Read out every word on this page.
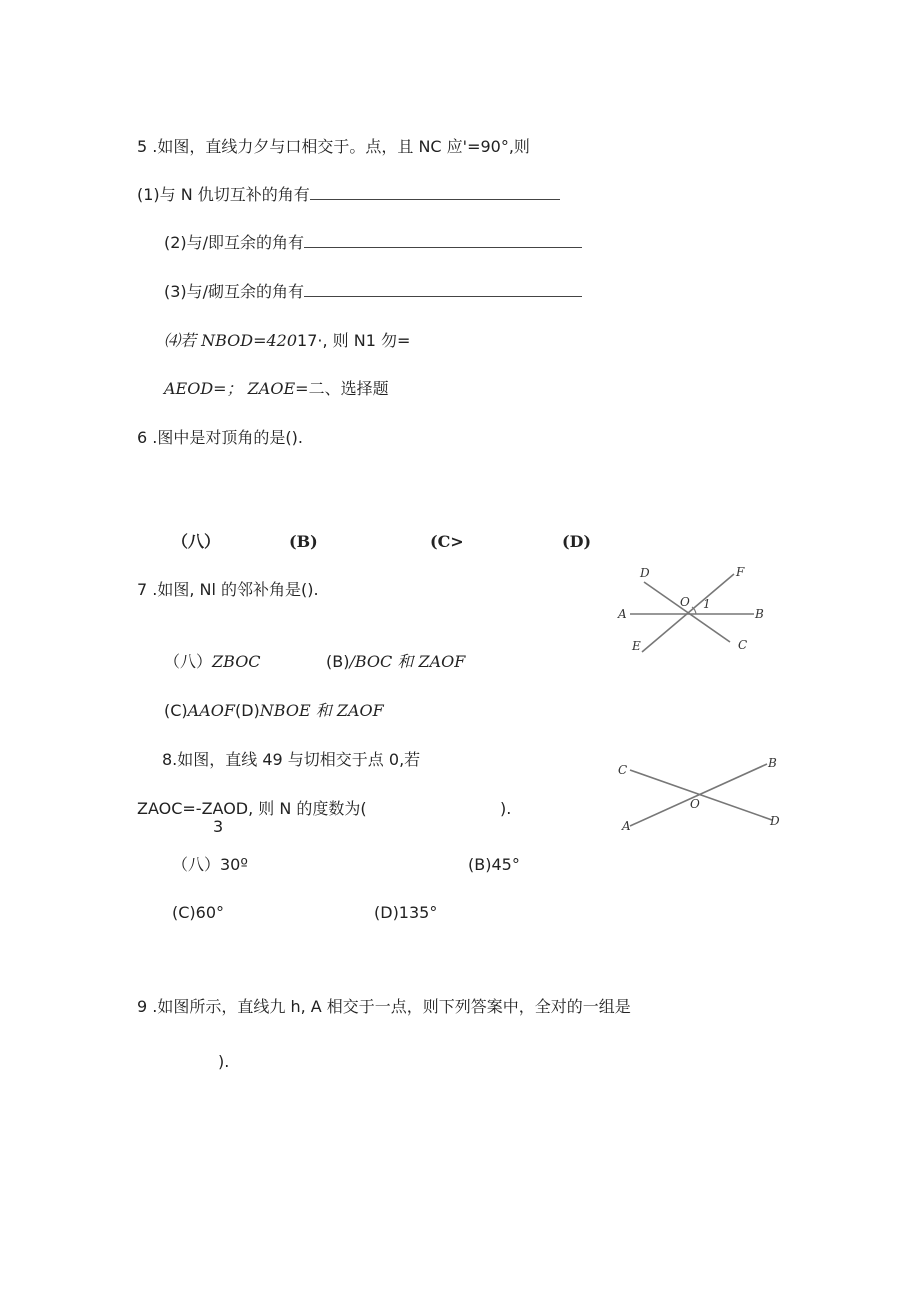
5 .如图，直线力夕与口相交于。点，且 NC 应'=90°,则
(1)与 N 仇切互补的角有
(2)与/即互余的角有
(3)与/砌互余的角有
⑷若 NBOD=42017·, 则 N1 勿=
AEOD=； ZAOE=二、选择题
6 .图中是对顶角的是().
（八）	(B)	(C>	(D)
7 .如图, Nl 的邻补角是().
D	F
A
O 1
B
E	C
（八）ZBOC	(B)/BOC 和 ZAOF
(C)AAOF(D)NBOE 和 ZAOF
8.如图，直线 49 与切相交于点 0,若
C	B
O
A	D
ZAOC=-ZAOD, 则 N 的度数为(	).
3
（八）30º	(B)45°
(C)60°	(D)135°
9 .如图所示，直线九 h, A 相交于一点，则下列答案中，全对的一组是
).
